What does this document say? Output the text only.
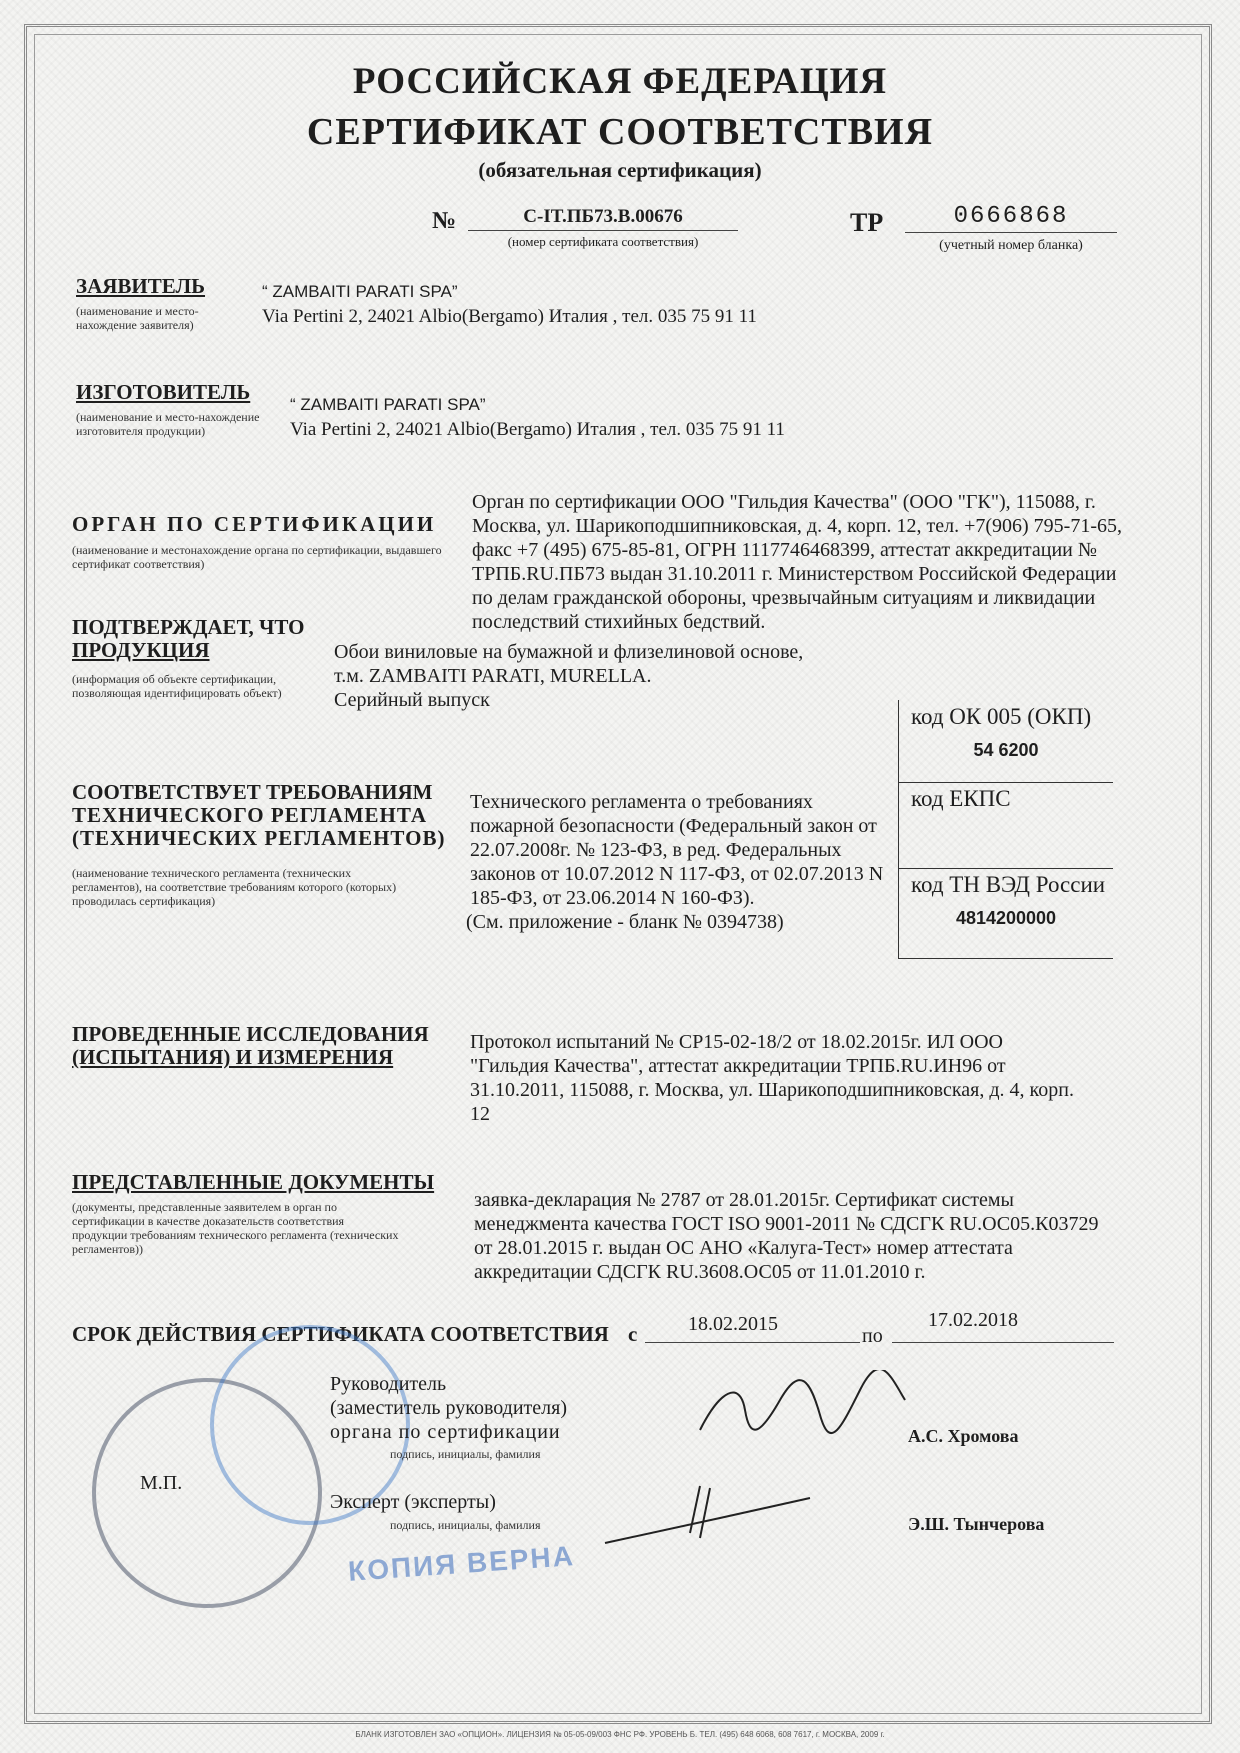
РОССИЙСКАЯ ФЕДЕРАЦИЯ
СЕРТИФИКАТ СООТВЕТСТВИЯ
(обязательная сертификация)
№	С-IT.ПБ73.В.00676
(номер сертификата соответствия)
ТР	0666868
(учетный номер бланка)
ЗАЯВИТЕЛЬ
(наименование и место-нахождение заявителя)
“ ZAMBAITI PARATI SPA”
Via Pertini 2, 24021 Albio(Bergamo) Италия , тел. 035 75 91 11
ИЗГОТОВИТЕЛЬ
(наименование и место-нахождение изготовителя продукции)
“ ZAMBAITI PARATI SPA”
Via Pertini 2, 24021 Albio(Bergamo) Италия , тел. 035 75 91 11
ОРГАН ПО СЕРТИФИКАЦИИ
(наименование и местонахождение органа по сертификации, выдавшего сертификат соответствия)
Орган по сертификации ООО "Гильдия Качества" (ООО "ГК"), 115088, г. Москва, ул. Шарикоподшипниковская, д. 4, корп. 12, тел. +7(906) 795-71-65, факс +7 (495) 675-85-81, ОГРН 1117746468399, аттестат аккредитации № ТРПБ.RU.ПБ73 выдан 31.10.2011 г. Министерством Российской Федерации по делам гражданской обороны, чрезвычайным ситуациям и ликвидации последствий стихийных бедствий.
ПОДТВЕРЖДАЕТ, ЧТО
ПРОДУКЦИЯ
(информация об объекте сертификации, позволяющая идентифицировать объект)
Обои виниловые на бумажной и флизелиновой основе,
т.м. ZAMBAITI PARATI, MURELLA.
Серийный выпуск
код ОК 005 (ОКП)
54 6200
код ЕКПС
код ТН ВЭД России
4814200000
СООТВЕТСТВУЕТ ТРЕБОВАНИЯМ
ТЕХНИЧЕСКОГО РЕГЛАМЕНТА
(ТЕХНИЧЕСКИХ РЕГЛАМЕНТОВ)
(наименование технического регламента (технических регламентов), на соответствие требованиям которого (которых) проводилась сертификация)
Технического регламента о требованиях пожарной безопасности (Федеральный закон от 22.07.2008г. № 123-ФЗ, в ред. Федеральных законов от 10.07.2012 N 117-ФЗ, от 02.07.2013 N 185-ФЗ, от 23.06.2014 N 160-ФЗ).
(См. приложение - бланк № 0394738)
ПРОВЕДЕННЫЕ ИССЛЕДОВАНИЯ
(ИСПЫТАНИЯ) И ИЗМЕРЕНИЯ
Протокол испытаний № СР15-02-18/2 от 18.02.2015г. ИЛ ООО "Гильдия Качества", аттестат аккредитации ТРПБ.RU.ИН96 от 31.10.2011, 115088, г. Москва, ул. Шарикоподшипниковская, д. 4, корп. 12
ПРЕДСТАВЛЕННЫЕ ДОКУМЕНТЫ
(документы, представленные заявителем в орган по сертификации в качестве доказательств соответствия продукции требованиям технического регламента (технических регламентов))
заявка-декларация № 2787 от 28.01.2015г. Сертификат системы менеджмента качества ГОСТ ISO 9001-2011 № СДСГК RU.ОС05.К03729 от 28.01.2015 г. выдан ОС АНО «Калуга-Тест» номер аттестата аккредитации СДСГК RU.3608.ОС05 от 11.01.2010 г.
СРОК ДЕЙСТВИЯ СЕРТИФИКАТА СООТВЕТСТВИЯ с	18.02.2015
по
17.02.2018
М.П.
КОПИЯ ВЕРНА
Руководитель
(заместитель руководителя)
органа по сертификации
подпись, инициалы, фамилия
А.С. Хромова
Эксперт (эксперты)
подпись, инициалы, фамилия	Э.Ш. Тынчерова
БЛАНК ИЗГОТОВЛЕН ЗАО «ОПЦИОН». ЛИЦЕНЗИЯ № 05-05-09/003 ФНС РФ. УРОВЕНЬ Б. ТЕЛ. (495) 648 6068, 608 7617, г. МОСКВА, 2009 г.
